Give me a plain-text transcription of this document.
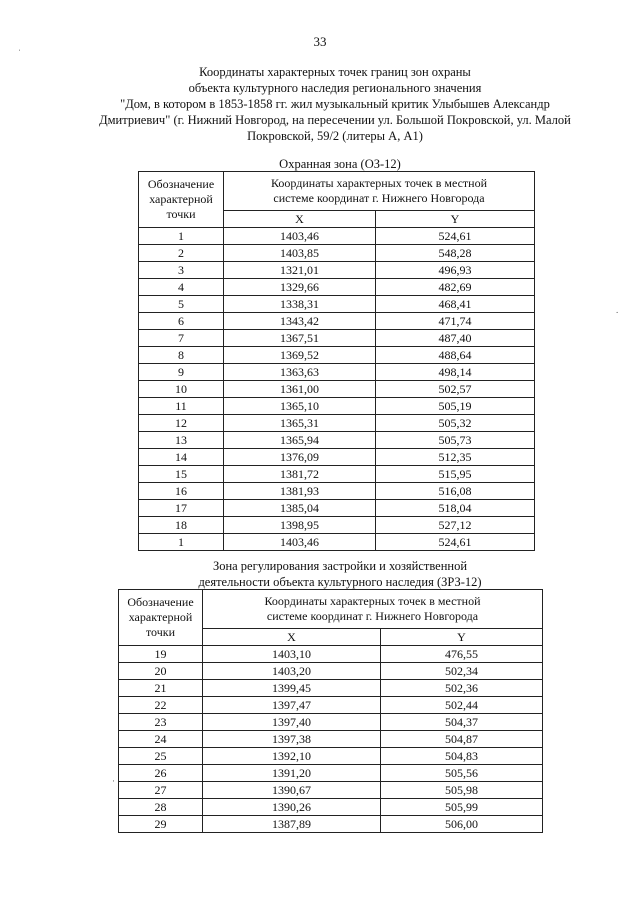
33
Координаты характерных точек границ зон охраны
объекта культурного наследия регионального значения
"Дом, в котором в 1853-1858 гг. жил музыкальный критик Улыбышев Александр
Дмитриевич" (г. Нижний Новгород, на пересечении ул. Большой Покровской, ул. Малой
Покровской, 59/2 (литеры А, А1)
Охранная зона (ОЗ-12)
Обозначение
характерной
точки	Координаты характерных точек в местной
системе координат г. Нижнего Новгорода	

	X	Y
1	1403,46	524,61
2	1403,85	548,28
3	1321,01	496,93
4	1329,66	482,69
5	1338,31	468,41
6	1343,42	471,74
7	1367,51	487,40
8	1369,52	488,64
9	1363,63	498,14
10	1361,00	502,57
11	1365,10	505,19
12	1365,31	505,32
13	1365,94	505,73
14	1376,09	512,35
15	1381,72	515,95
16	1381,93	516,08
17	1385,04	518,04
18	1398,95	527,12
1	1403,46	524,61
Зона регулирования застройки и хозяйственной
деятельности объекта культурного наследия (ЗРЗ-12)
Обозначение
характерной
точки	Координаты характерных точек в местной
системе координат г. Нижнего Новгорода	

	X	Y
19	1403,10	476,55
20	1403,20	502,34
21	1399,45	502,36
22	1397,47	502,44
23	1397,40	504,37
24	1397,38	504,87
25	1392,10	504,83
26	1391,20	505,56
27	1390,67	505,98
28	1390,26	505,99
29	1387,89	506,00
ˈ
.
·
